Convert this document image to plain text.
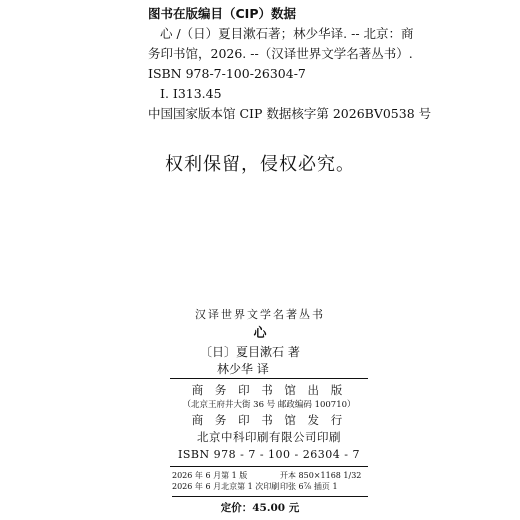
图书在版编目（CIP）数据
心 /（日）夏目漱石著；林少华译. -- 北京：商
务印书馆，2026. --（汉译世界文学名著丛书）.
ISBN 978-7-100-26304-7
I. I313.45
中国国家版本馆 CIP 数据核字第 2026BV0538 号
权利保留，侵权必究。
汉译世界文学名著丛书
心
〔日〕夏目漱石 著
林少华 译
商 务 印 书 馆 出 版
（北京王府井大街 36 号 邮政编码 100710）
商 务 印 书 馆 发 行
北京中科印刷有限公司印刷
ISBN 978 - 7 - 100 - 26304 - 7
2026 年 6 月第 1 版
2026 年 6 月北京第 1 次印刷
开本 850×1168 1/32
印张 6⅞ 插页 1
定价：45.00 元
